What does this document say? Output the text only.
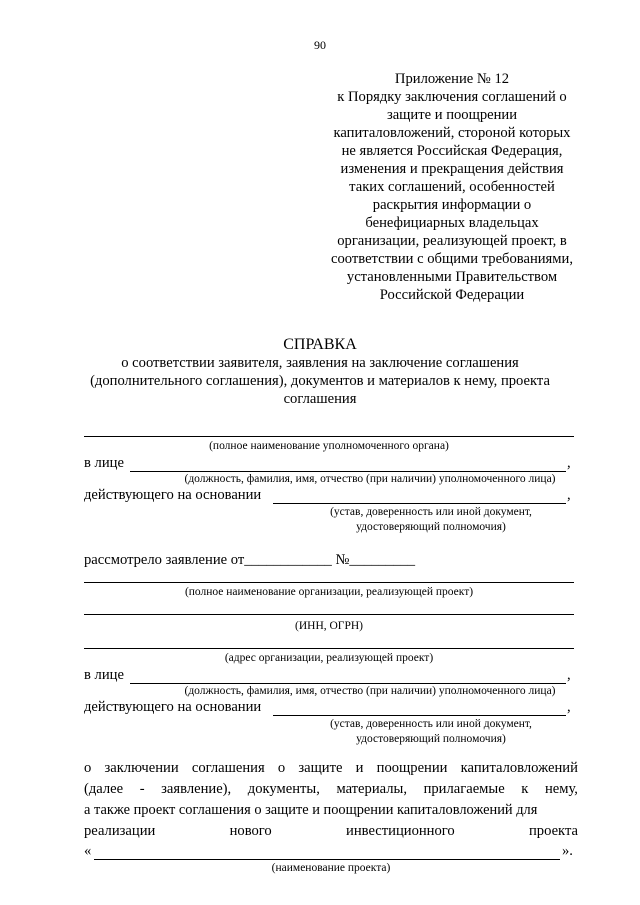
90
Приложение № 12
к Порядку заключения соглашений о
защите и поощрении
капиталовложений, стороной которых
не является Российская Федерация,
изменения и прекращения действия
таких соглашений, особенностей
раскрытия информации о
бенефициарных владельцах
организации, реализующей проект, в
соответствии с общими требованиями,
установленными Правительством
Российской Федерации
СПРАВКА
о соответствии заявителя, заявления на заключение соглашения
(дополнительного соглашения), документов и материалов к нему, проекта
соглашения
(полное наименование уполномоченного органа)
в лице	,
(должность, фамилия, имя, отчество (при наличии) уполномоченного лица)
действующего на основании	,
(устав, доверенность или иной документ,
удостоверяющий полномочия)
рассмотрело заявление от____________ №_________
(полное наименование организации, реализующей проект)
(ИНН, ОГРН)
(адрес организации, реализующей проект)
в лице	,
(должность, фамилия, имя, отчество (при наличии) уполномоченного лица)
действующего на основании	,
(устав, доверенность или иной документ,
удостоверяющий полномочия)
о заключении соглашения о защите и поощрении капиталовложений
(далее - заявление), документы, материалы, прилагаемые к нему,
а также проект соглашения о защите и поощрении капиталовложений для
реализации	нового	инвестиционного	проекта
«	».
(наименование проекта)
